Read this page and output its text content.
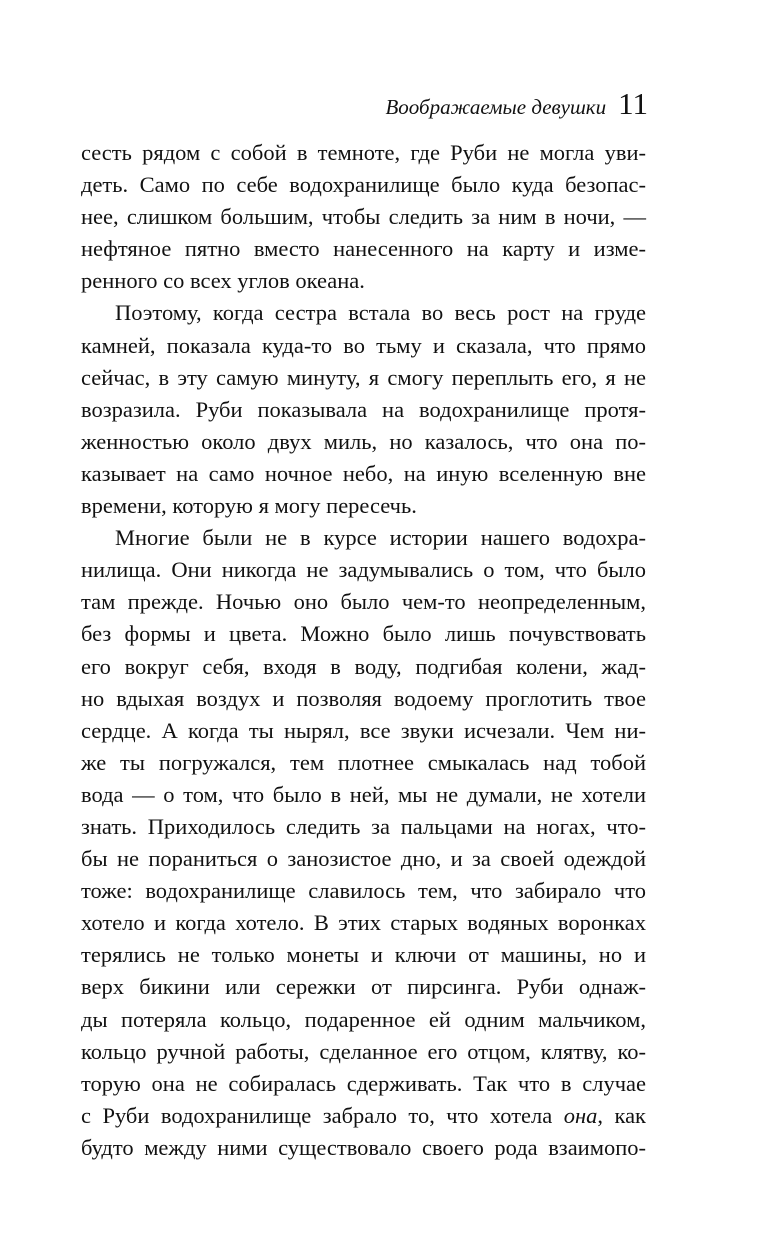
Воображаемые девушки 11
сесть рядом с собой в темноте, где Руби не могла уви-
деть. Само по себе водохранилище было куда безопас-
нее, слишком большим, чтобы следить за ним в ночи, —
нефтяное пятно вместо нанесенного на карту и изме-
ренного со всех углов океана.
Поэтому, когда сестра встала во весь рост на груде
камней, показала куда-то во тьму и сказала, что прямо
сейчас, в эту самую минуту, я смогу переплыть его, я не
возразила. Руби показывала на водохранилище протя-
женностью около двух миль, но казалось, что она по-
казывает на само ночное небо, на иную вселенную вне
времени, которую я могу пересечь.
Многие были не в курсе истории нашего водохра-
нилища. Они никогда не задумывались о том, что было
там прежде. Ночью оно было чем-то неопределенным,
без формы и цвета. Можно было лишь почувствовать
его вокруг себя, входя в воду, подгибая колени, жад-
но вдыхая воздух и позволяя водоему проглотить твое
сердце. А когда ты нырял, все звуки исчезали. Чем ни-
же ты погружался, тем плотнее смыкалась над тобой
вода — о том, что было в ней, мы не думали, не хотели
знать. Приходилось следить за пальцами на ногах, что-
бы не пораниться о занозистое дно, и за своей одеждой
тоже: водохранилище славилось тем, что забирало что
хотело и когда хотело. В этих старых водяных воронках
терялись не только монеты и ключи от машины, но и
верх бикини или сережки от пирсинга. Руби однаж-
ды потеряла кольцо, подаренное ей одним мальчиком,
кольцо ручной работы, сделанное его отцом, клятву, ко-
торую она не собиралась сдерживать. Так что в случае
с Руби водохранилище забрало то, что хотела она, как
будто между ними существовало своего рода взаимопо-
